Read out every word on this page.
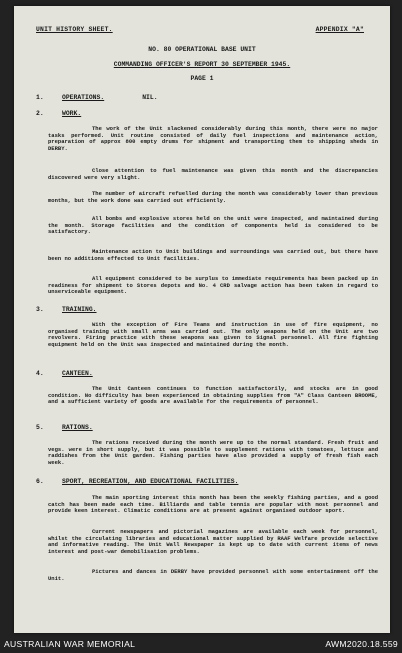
UNIT HISTORY SHEET.	APPENDIX "A"
NO. 80 OPERATIONAL BASE UNIT
COMMANDING OFFICER'S REPORT 30 SEPTEMBER 1945.
PAGE 1
1.	OPERATIONS.	NIL.
2.	WORK.

The work of the Unit slackened considerably during this month, there were no major tasks performed. Unit routine consisted of daily fuel inspections and maintenance action, preparation of approx 800 empty drums for shipment and transporting them to shipping sheds in DERBY.

Close attention to fuel maintenance was given this month and the discrepancies discovered were very slight.

The number of aircraft refuelled during the month was considerably lower than previous months, but the work done was carried out efficiently.

All bombs and explosive stores held on the unit were inspected, and maintained during the month. Storage facilities and the condition of components held is considered to be satisfactory.

Maintenance action to Unit buildings and surroundings was carried out, but there have been no additions effected to Unit facilities.

All equipment considered to be surplus to immediate requirements has been packed up in readiness for shipment to Stores depots and No. 4 CRD salvage action has been taken in regard to unserviceable equipment.

3.	TRAINING.

With the exception of Fire Teams and instruction in use of fire equipment, no organised training with small arms was carried out. The only weapons held on the Unit are two revolvers. Firing practice with these weapons was given to Signal personnel. All fire fighting equipment held on the Unit was inspected and maintained during the month.

4.	CANTEEN.

The Unit Canteen continues to function satisfactorily, and stocks are in good condition. No difficulty has been experienced in obtaining supplies from "A" Class Canteen BROOME, and a sufficient variety of goods are available for the requirements of personnel.

5.	RATIONS.

The rations received during the month were up to the normal standard. Fresh fruit and vegs. were in short supply, but it was possible to supplement rations with tomatoes, lettuce and raddishes from the Unit garden. Fishing parties have also provided a supply of fresh fish each week.

6.	SPORT, RECREATION, AND EDUCATIONAL FACILITIES.

The main sporting interest this month has been the weekly fishing parties, and a good catch has been made each time. Billiards and table tennis are popular with most personnel and provide keen interest. Climatic conditions are at present against organised outdoor sport.

Current newspapers and pictorial magazines are available each week for personnel, whilst the circulating libraries and educational matter supplied by RAAF Welfare provide selective and informative reading. The Unit Wall Newspaper is kept up to date with current items of news interest and post-war demobilisation problems.

Pictures and dances in DERBY have provided personnel with some entertainment off the Unit.

AUSTRALIAN WAR MEMORIAL	AWM2020.18.559
